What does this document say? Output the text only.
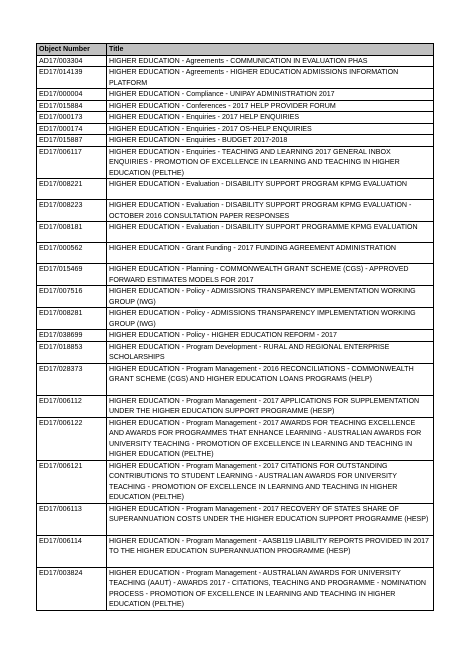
Object Number	Title
AD17/003304	HIGHER EDUCATION - Agreements - COMMUNICATION IN EVALUATION PHAS
ED17/014139	HIGHER EDUCATION - Agreements - HIGHER EDUCATION ADMISSIONS INFORMATION PLATFORM
ED17/000004	HIGHER EDUCATION - Compliance - UNIPAY ADMINISTRATION 2017
ED17/015884	HIGHER EDUCATION - Conferences - 2017 HELP PROVIDER FORUM
ED17/000173	HIGHER EDUCATION - Enquiries - 2017 HELP ENQUIRIES
ED17/000174	HIGHER EDUCATION - Enquiries - 2017 OS-HELP ENQUIRIES
ED17/015887	HIGHER EDUCATION - Enquiries - BUDGET 2017-2018
ED17/006117	HIGHER EDUCATION - Enquiries - TEACHING AND LEARNING 2017 GENERAL INBOX ENQUIRIES - PROMOTION OF EXCELLENCE IN LEARNING AND TEACHING IN HIGHER EDUCATION (PELTHE)
ED17/008221	HIGHER EDUCATION - Evaluation - DISABILITY SUPPORT PROGRAM KPMG EVALUATION
ED17/008223	HIGHER EDUCATION - Evaluation - DISABILITY SUPPORT PROGRAM KPMG EVALUATION - OCTOBER 2016 CONSULTATION PAPER RESPONSES
ED17/008181	HIGHER EDUCATION - Evaluation - DISABILITY SUPPORT PROGRAMME KPMG EVALUATION
ED17/000562	HIGHER EDUCATION - Grant Funding - 2017 FUNDING AGREEMENT ADMINISTRATION
ED17/015469	HIGHER EDUCATION - Planning - COMMONWEALTH GRANT SCHEME (CGS) - APPROVED FORWARD ESTIMATES MODELS FOR 2017
ED17/007516	HIGHER EDUCATION - Policy - ADMISSIONS TRANSPARENCY IMPLEMENTATION WORKING GROUP (IWG)
ED17/008281	HIGHER EDUCATION - Policy - ADMISSIONS TRANSPARENCY IMPLEMENTATION WORKING GROUP (IWG)
ED17/038699	HIGHER EDUCATION - Policy - HIGHER EDUCATION REFORM - 2017
ED17/018853	HIGHER EDUCATION - Program Development - RURAL AND REGIONAL ENTERPRISE SCHOLARSHIPS
ED17/028373	HIGHER EDUCATION - Program Management - 2016 RECONCILIATIONS - COMMONWEALTH GRANT SCHEME (CGS) AND HIGHER EDUCATION LOANS PROGRAMS (HELP)
ED17/006112	HIGHER EDUCATION - Program Management - 2017 APPLICATIONS FOR SUPPLEMENTATION UNDER THE HIGHER EDUCATION SUPPORT PROGRAMME (HESP)
ED17/006122	HIGHER EDUCATION - Program Management - 2017 AWARDS FOR TEACHING EXCELLENCE AND AWARDS FOR PROGRAMMES THAT ENHANCE LEARNING - AUSTRALIAN AWARDS FOR UNIVERSITY TEACHING - PROMOTION OF EXCELLENCE IN LEARNING AND TEACHING IN HIGHER EDUCATION (PELTHE)
ED17/006121	HIGHER EDUCATION - Program Management - 2017 CITATIONS FOR OUTSTANDING CONTRIBUTIONS TO STUDENT LEARNING - AUSTRALIAN AWARDS FOR UNIVERSITY TEACHING - PROMOTION OF EXCELLENCE IN LEARNING AND TEACHING IN HIGHER EDUCATION (PELTHE)
ED17/006113	HIGHER EDUCATION - Program Management - 2017 RECOVERY OF STATES SHARE OF SUPERANNUATION COSTS UNDER THE HIGHER EDUCATION SUPPORT PROGRAMME (HESP)
ED17/006114	HIGHER EDUCATION - Program Management - AASB119 LIABILITY REPORTS PROVIDED IN 2017 TO THE HIGHER EDUCATION SUPERANNUATION PROGRAMME (HESP)
ED17/003824	HIGHER EDUCATION - Program Management - AUSTRALIAN AWARDS FOR UNIVERSITY TEACHING (AAUT) - AWARDS 2017 - CITATIONS, TEACHING AND PROGRAMME - NOMINATION PROCESS - PROMOTION OF EXCELLENCE IN LEARNING AND TEACHING IN HIGHER EDUCATION (PELTHE)
